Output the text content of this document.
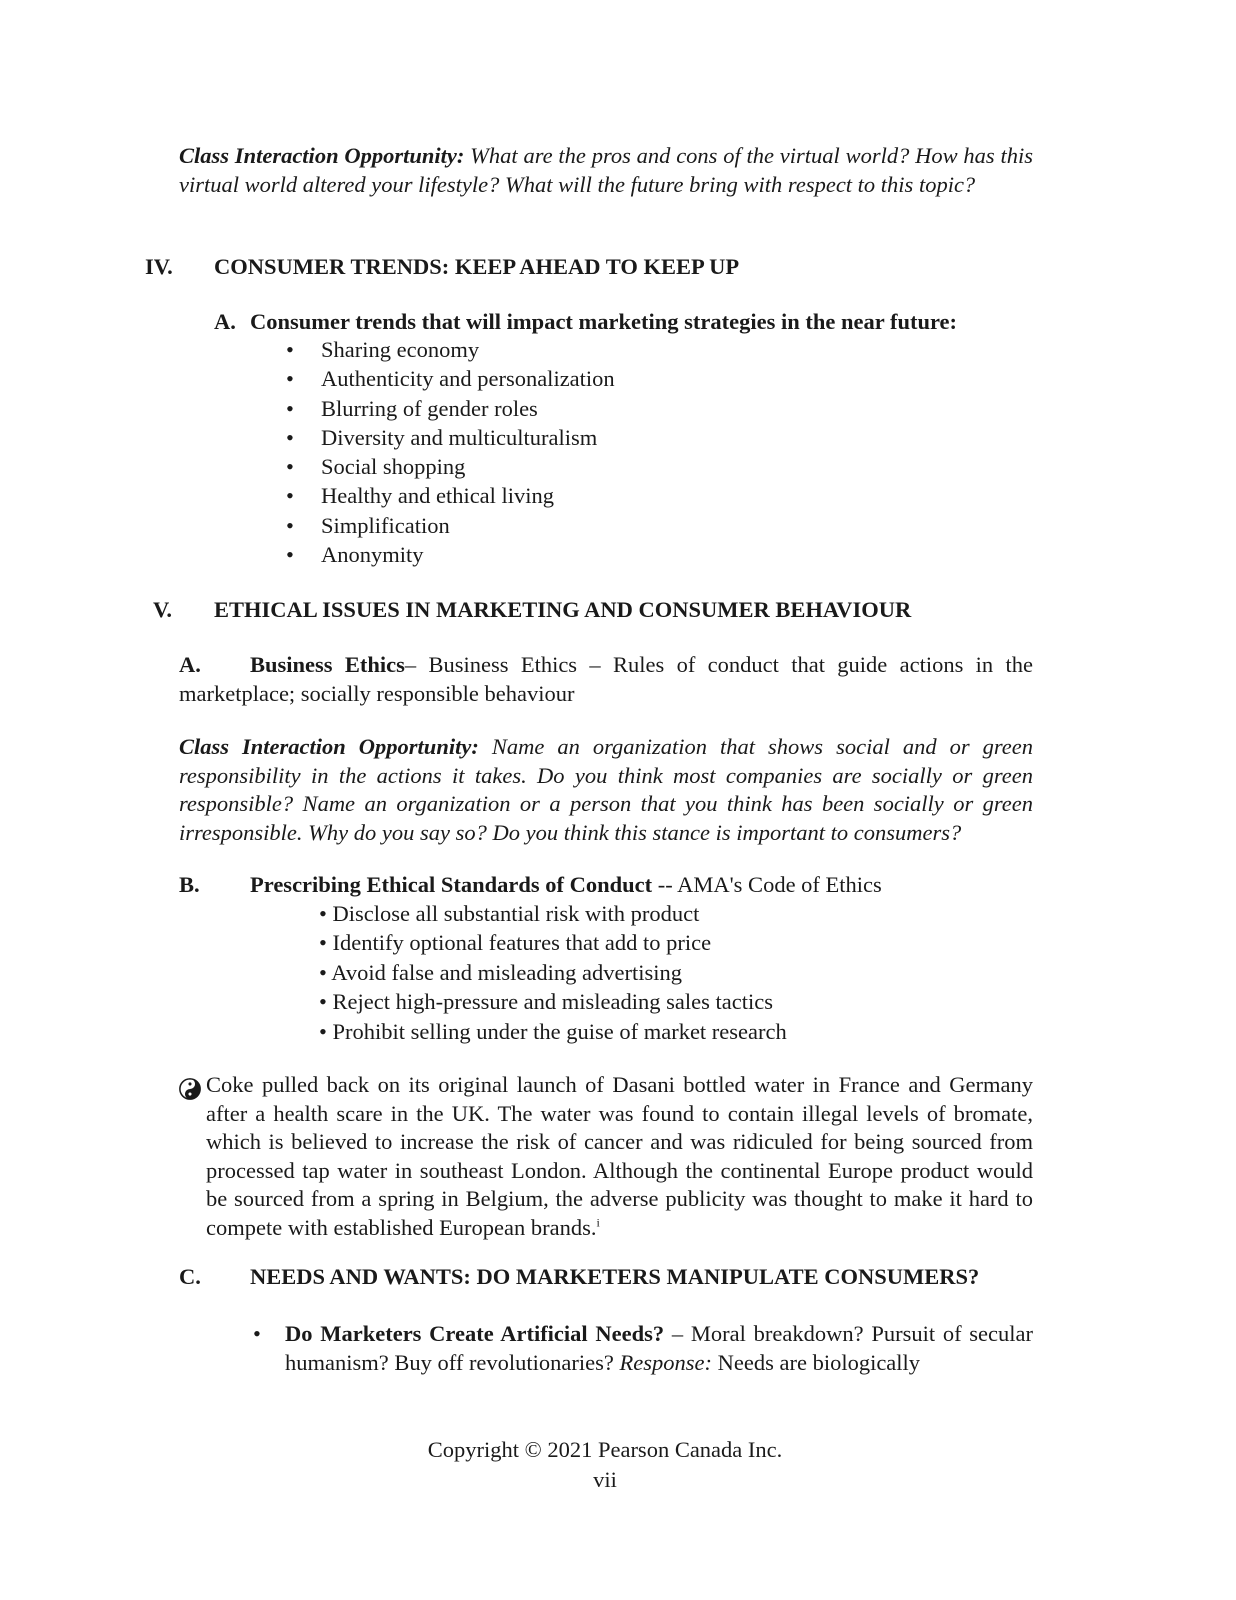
Class Interaction Opportunity: What are the pros and cons of the virtual world? How has this virtual world altered your lifestyle? What will the future bring with respect to this topic?
IV. CONSUMER TRENDS: KEEP AHEAD TO KEEP UP
A. Consumer trends that will impact marketing strategies in the near future:
• Sharing economy
• Authenticity and personalization
• Blurring of gender roles
• Diversity and multiculturalism
• Social shopping
• Healthy and ethical living
• Simplification
• Anonymity
V. ETHICAL ISSUES IN MARKETING AND CONSUMER BEHAVIOUR
A. Business Ethics– Business Ethics – Rules of conduct that guide actions in the marketplace; socially responsible behaviour
Class Interaction Opportunity: Name an organization that shows social and or green responsibility in the actions it takes. Do you think most companies are socially or green responsible? Name an organization or a person that you think has been socially or green irresponsible. Why do you say so? Do you think this stance is important to consumers?
B. Prescribing Ethical Standards of Conduct -- AMA's Code of Ethics
• Disclose all substantial risk with product
• Identify optional features that add to price
• Avoid false and misleading advertising
• Reject high-pressure and misleading sales tactics
• Prohibit selling under the guise of market research
Coke pulled back on its original launch of Dasani bottled water in France and Germany after a health scare in the UK. The water was found to contain illegal levels of bromate, which is believed to increase the risk of cancer and was ridiculed for being sourced from processed tap water in southeast London. Although the continental Europe product would be sourced from a spring in Belgium, the adverse publicity was thought to make it hard to compete with established European brands.$^i$
C. NEEDS AND WANTS: DO MARKETERS MANIPULATE CONSUMERS?
• Do Marketers Create Artificial Needs? – Moral breakdown? Pursuit of secular humanism? Buy off revolutionaries? Response: Needs are biologically
Copyright © 2021 Pearson Canada Inc.
vii
